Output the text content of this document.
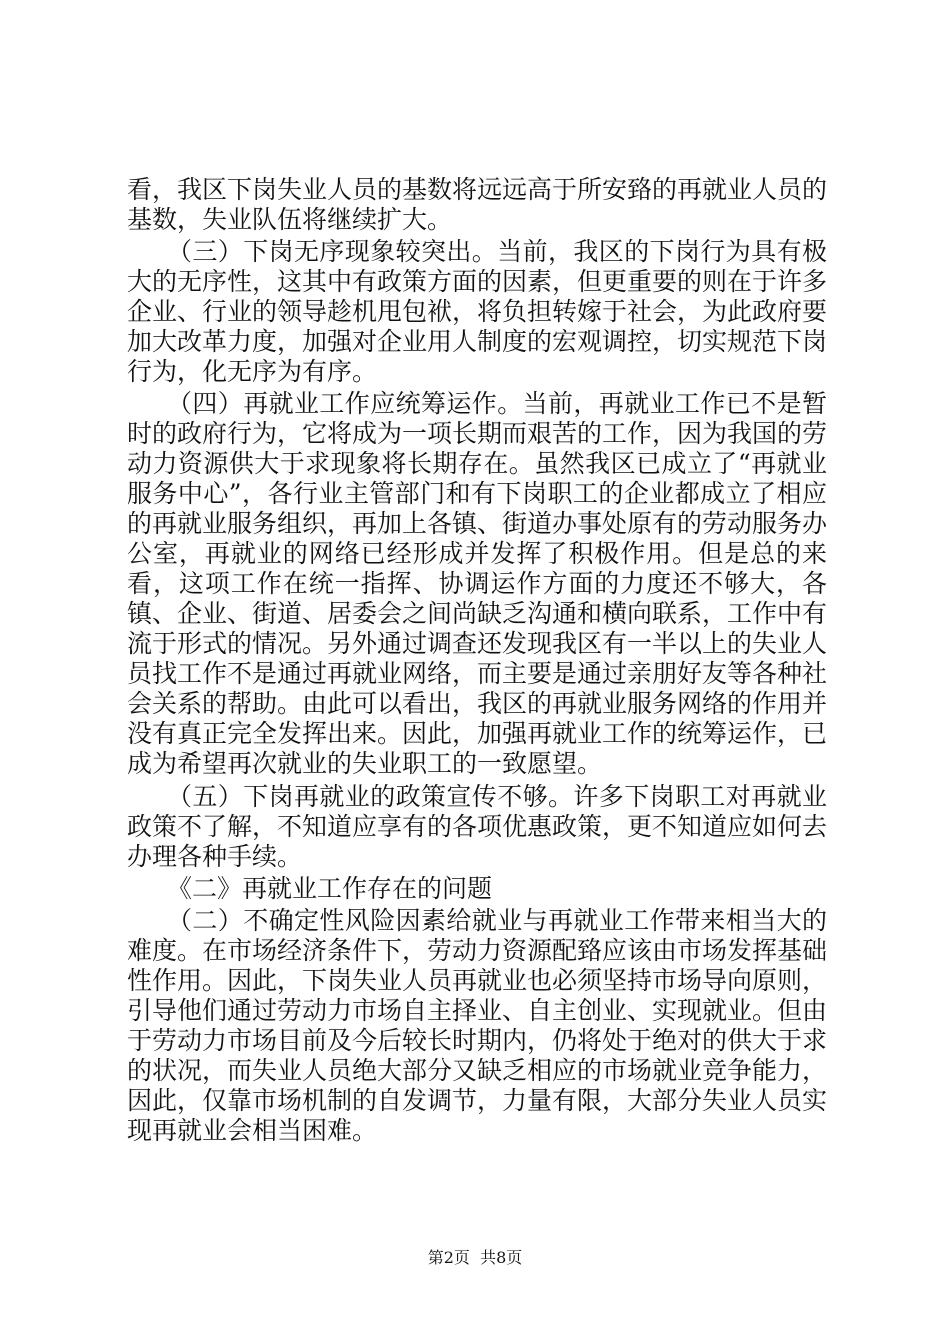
看，我区下岗失业人员的基数将远远高于所安臵的再就业人员的基数，失业队伍将继续扩大。

（三）下岗无序现象较突出。当前，我区的下岗行为具有极大的无序性，这其中有政策方面的因素，但更重要的则在于许多企业、行业的领导趁机甩包袱，将负担转嫁于社会，为此政府要加大改革力度，加强对企业用人制度的宏观调控，切实规范下岗行为，化无序为有序。

（四）再就业工作应统筹运作。当前，再就业工作已不是暂时的政府行为，它将成为一项长期而艰苦的工作，因为我国的劳动力资源供大于求现象将长期存在。虽然我区已成立了“再就业服务中心”，各行业主管部门和有下岗职工的企业都成立了相应的再就业服务组织，再加上各镇、街道办事处原有的劳动服务办公室，再就业的网络已经形成并发挥了积极作用。但是总的来看，这项工作在统一指挥、协调运作方面的力度还不够大，各镇、企业、街道、居委会之间尚缺乏沟通和横向联系，工作中有流于形式的情况。另外通过调查还发现我区有一半以上的失业人员找工作不是通过再就业网络，而主要是通过亲朋好友等各种社会关系的帮助。由此可以看出，我区的再就业服务网络的作用并没有真正完全发挥出来。因此，加强再就业工作的统筹运作，已成为希望再次就业的失业职工的一致愿望。

（五）下岗再就业的政策宣传不够。许多下岗职工对再就业政策不了解，不知道应享有的各项优惠政策，更不知道应如何去办理各种手续。

《二》再就业工作存在的问题

（二）不确定性风险因素给就业与再就业工作带来相当大的难度。在市场经济条件下，劳动力资源配臵应该由市场发挥基础性作用。因此，下岗失业人员再就业也必须坚持市场导向原则，引导他们通过劳动力市场自主择业、自主创业、实现就业。但由于劳动力市场目前及今后较长时期内，仍将处于绝对的供大于求的状况，而失业人员绝大部分又缺乏相应的市场就业竞争能力，因此，仅靠市场机制的自发调节，力量有限，大部分失业人员实现再就业会相当困难。

第2页  共8页
